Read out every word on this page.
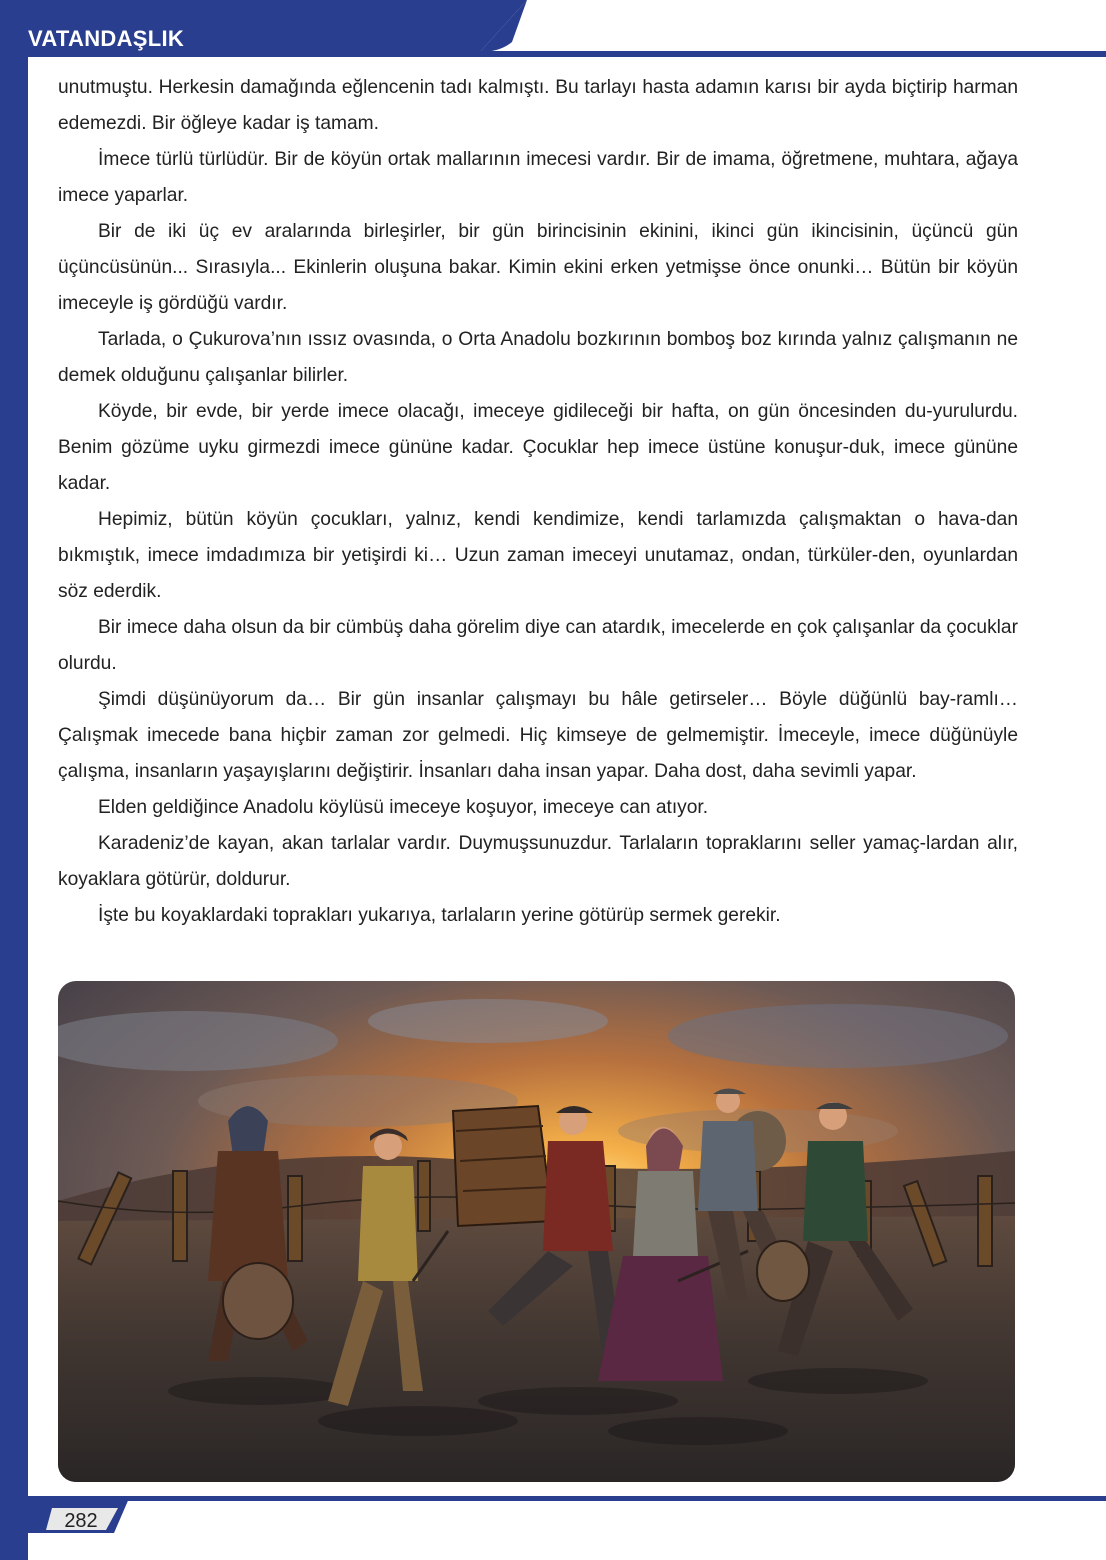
VATANDAŞLIK

unutmuştu. Herkesin damağında eğlencenin tadı kalmıştı. Bu tarlayı hasta adamın karısı bir ayda biçtirip harman edemezdi. Bir öğleye kadar iş tamam.

İmece türlü türlüdür. Bir de köyün ortak mallarının imecesi vardır. Bir de imama, öğretmene, muhtara, ağaya imece yaparlar.

Bir de iki üç ev aralarında birleşirler, bir gün birincisinin ekinini, ikinci gün ikincisinin, üçüncü gün üçüncüsünün... Sırasıyla... Ekinlerin oluşuna bakar. Kimin ekini erken yetmişse önce onunki… Bütün bir köyün imeceyle iş gördüğü vardır.

Tarlada, o Çukurova’nın ıssız ovasında, o Orta Anadolu bozkırının bomboş boz kırında yalnız çalışmanın ne demek olduğunu çalışanlar bilirler.

Köyde, bir evde, bir yerde imece olacağı, imeceye gidileceği bir hafta, on gün öncesinden du-yurulurdu. Benim gözüme uyku girmezdi imece gününe kadar. Çocuklar hep imece üstüne konuşur-duk, imece gününe kadar.

Hepimiz, bütün köyün çocukları, yalnız, kendi kendimize, kendi tarlamızda çalışmaktan o hava-dan bıkmıştık, imece imdadımıza bir yetişirdi ki… Uzun zaman imeceyi unutamaz, ondan, türküler-den, oyunlardan söz ederdik.

Bir imece daha olsun da bir cümbüş daha görelim diye can atardık, imecelerde en çok çalışanlar da çocuklar olurdu.

Şimdi düşünüyorum da… Bir gün insanlar çalışmayı bu hâle getirseler… Böyle düğünlü bay-ramlı… Çalışmak imecede bana hiçbir zaman zor gelmedi. Hiç kimseye de gelmemiştir. İmeceyle, imece düğünüyle çalışma, insanların yaşayışlarını değiştirir. İnsanları daha insan yapar. Daha dost, daha sevimli yapar.

Elden geldiğince Anadolu köylüsü imeceye koşuyor, imeceye can atıyor.

Karadeniz’de kayan, akan tarlalar vardır. Duymuşsunuzdur. Tarlaların topraklarını seller yamaç-lardan alır, koyaklara götürür, doldurur.

İşte bu koyaklardaki toprakları yukarıya, tarlaların yerine götürüp sermek gerekir.

282
